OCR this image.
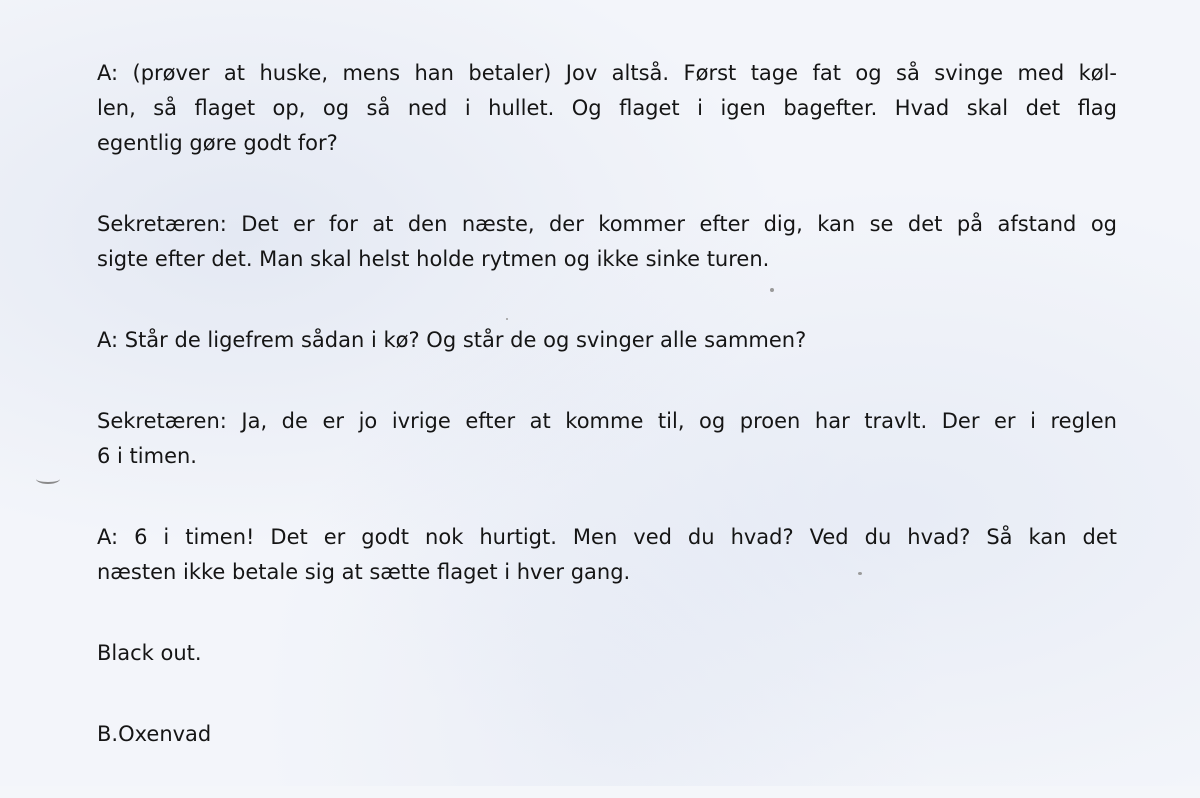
A: (prøver at huske, mens han betaler) Jov altså. Først tage fat og så svinge med køl-
len, så flaget op, og så ned i hullet. Og flaget i igen bagefter. Hvad skal det flag
egentlig gøre godt for?
Sekretæren: Det er for at den næste, der kommer efter dig, kan se det på afstand og
sigte efter det. Man skal helst holde rytmen og ikke sinke turen.
A: Står de ligefrem sådan i kø? Og står de og svinger alle sammen?
Sekretæren: Ja, de er jo ivrige efter at komme til, og proen har travlt. Der er i reglen
6 i timen.
A: 6 i timen! Det er godt nok hurtigt. Men ved du hvad? Ved du hvad? Så kan det
næsten ikke betale sig at sætte flaget i hver gang.
Black out.
B.Oxenvad
